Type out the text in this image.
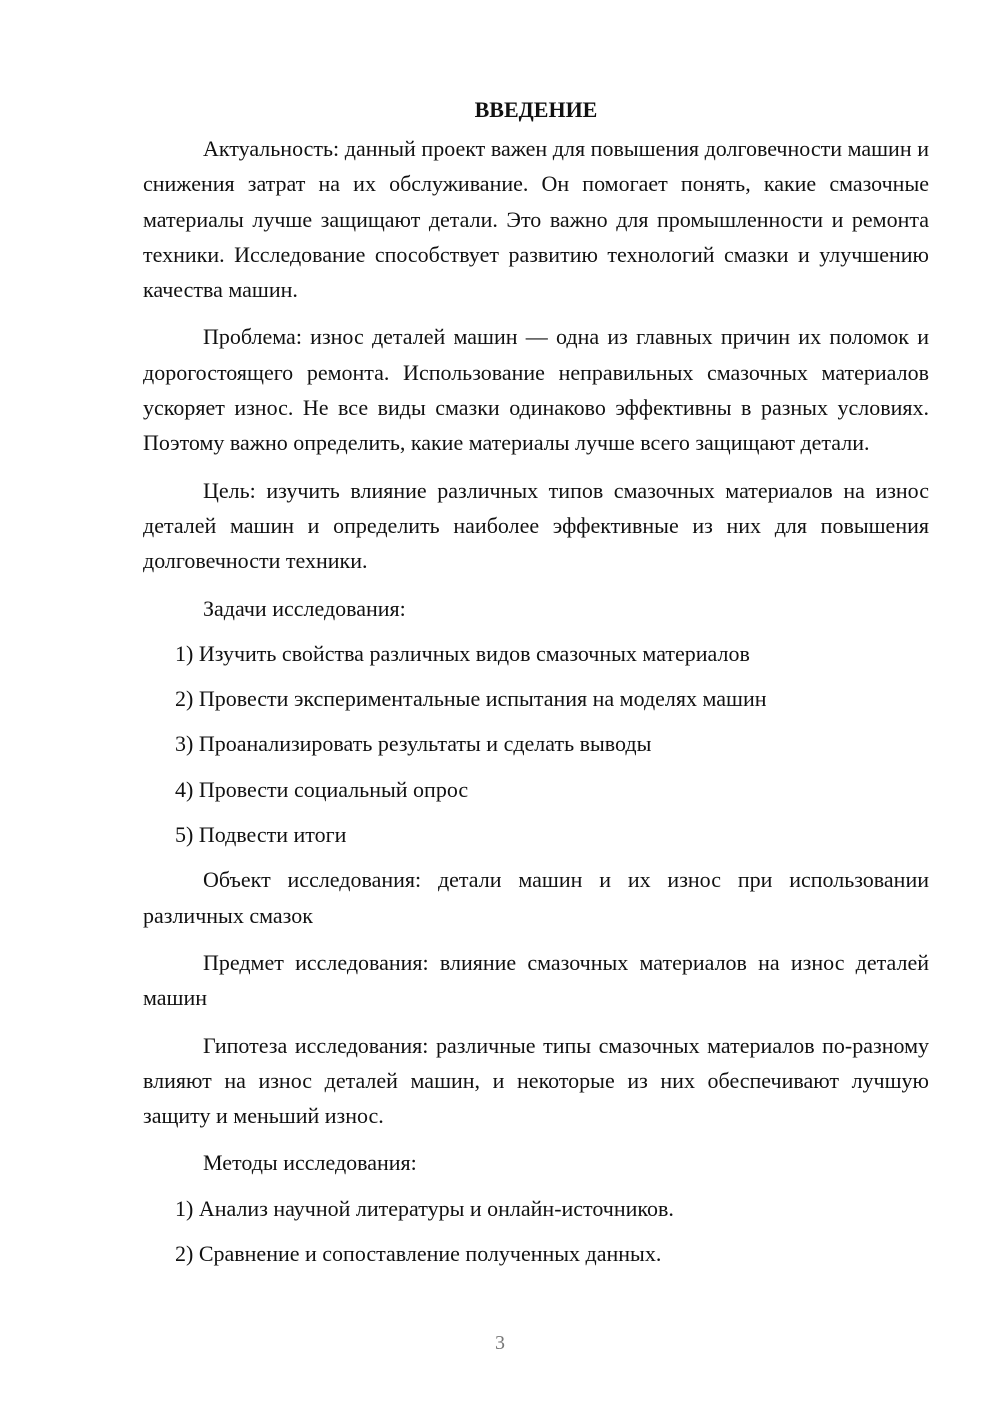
ВВЕДЕНИЕ

Актуальность: данный проект важен для повышения долговечности машин и снижения затрат на их обслуживание. Он помогает понять, какие смазочные материалы лучше защищают детали. Это важно для промышленности и ремонта техники. Исследование способствует развитию технологий смазки и улучшению качества машин.

Проблема: износ деталей машин — одна из главных причин их поломок и дорогостоящего ремонта. Использование неправильных смазочных материалов ускоряет износ. Не все виды смазки одинаково эффективны в разных условиях. Поэтому важно определить, какие материалы лучше всего защищают детали.

Цель: изучить влияние различных типов смазочных материалов на износ деталей машин и определить наиболее эффективные из них для повышения долговечности техники.

Задачи исследования:

1) Изучить свойства различных видов смазочных материалов
2) Провести экспериментальные испытания на моделях машин
3) Проанализировать результаты и сделать выводы
4) Провести социальный опрос
5) Подвести итоги

Объект исследования: детали машин и их износ при использовании различных смазок

Предмет исследования: влияние смазочных материалов на износ деталей машин

Гипотеза исследования: различные типы смазочных материалов по-разному влияют на износ деталей машин, и некоторые из них обеспечивают лучшую защиту и меньший износ.

Методы исследования:

1) Анализ научной литературы и онлайн-источников.
2) Сравнение и сопоставление полученных данных.
3
